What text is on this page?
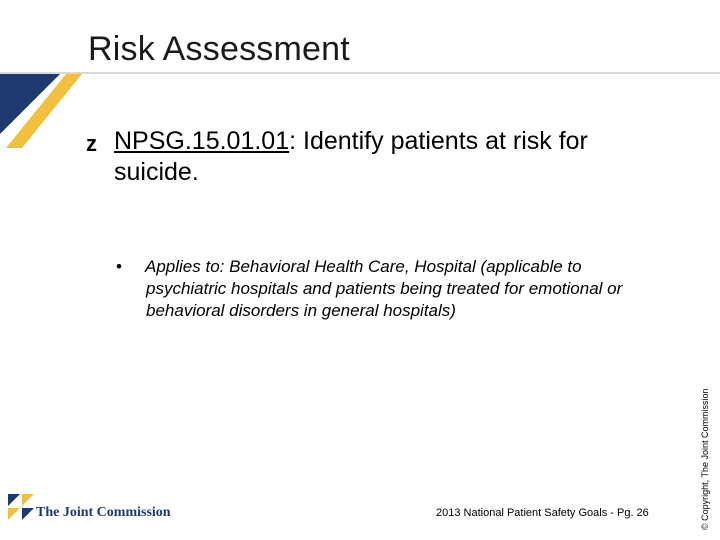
Risk Assessment
z NPSG.15.01.01: Identify patients at risk for suicide.
•	Applies to: Behavioral Health Care, Hospital (applicable to psychiatric hospitals and patients being treated for emotional or behavioral disorders in general hospitals)
© Copyright, The Joint Commission
The Joint Commission	2013 National Patient Safety Goals - Pg. 26
